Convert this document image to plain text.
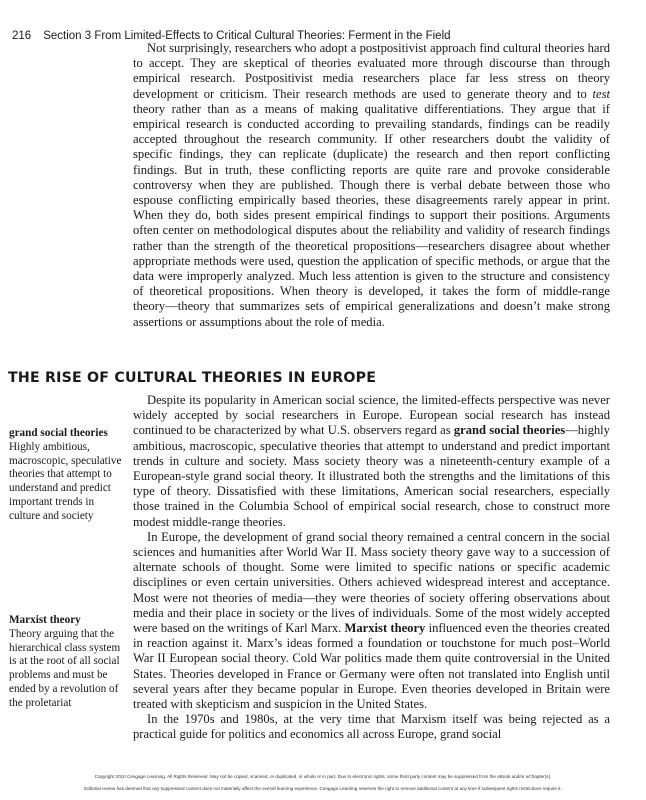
216 Section 3 From Limited-Effects to Critical Cultural Theories: Ferment in the Field

Not surprisingly, researchers who adopt a postpositivist approach find cultural theories hard to accept. They are skeptical of theories evaluated more through discourse than through empirical research. Postpositivist media researchers place far less stress on theory development or criticism. Their research methods are used to generate theory and to test theory rather than as a means of making qualitative differentiations. They argue that if empirical research is conducted according to prevailing standards, findings can be readily accepted throughout the research community. If other researchers doubt the validity of specific findings, they can replicate (duplicate) the research and then report conflicting findings. But in truth, these conflicting reports are quite rare and provoke considerable controversy when they are published. Though there is verbal debate between those who espouse conflicting empirically based theories, these disagreements rarely appear in print. When they do, both sides present empirical findings to support their positions. Arguments often center on methodological disputes about the reliability and validity of research findings rather than the strength of the theoretical propositions—researchers disagree about whether appropriate methods were used, question the application of specific methods, or argue that the data were improperly analyzed. Much less attention is given to the structure and consistency of theoretical propositions. When theory is developed, it takes the form of middle-range theory—theory that summarizes sets of empirical generalizations and doesn’t make strong assertions or assumptions about the role of media.

THE RISE OF CULTURAL THEORIES IN EUROPE

Despite its popularity in American social science, the limited-effects perspective was never widely accepted by social researchers in Europe. European social research has instead continued to be characterized by what U.S. observers regard as grand social theories—highly ambitious, macroscopic, speculative theories that attempt to understand and predict important trends in culture and society. Mass society theory was a nineteenth-century example of a European-style grand social theory. It illustrated both the strengths and the limitations of this type of theory. Dissatisfied with these limitations, American social researchers, especially those trained in the Columbia School of empirical social research, chose to construct more modest middle-range theories.

In Europe, the development of grand social theory remained a central concern in the social sciences and humanities after World War II. Mass society theory gave way to a succession of alternate schools of thought. Some were limited to specific nations or specific academic disciplines or even certain universities. Others achieved widespread interest and acceptance. Most were not theories of media—they were theories of society offering observations about media and their place in society or the lives of individuals. Some of the most widely accepted were based on the writings of Karl Marx. Marxist theory influenced even the theories created in reaction against it. Marx’s ideas formed a foundation or touchstone for much post–World War II European social theory. Cold War politics made them quite controversial in the United States. Theories developed in France or Germany were often not translated into English until several years after they became popular in Europe. Even theories developed in Britain were treated with skepticism and suspicion in the United States.

In the 1970s and 1980s, at the very time that Marxism itself was being rejected as a practical guide for politics and economics all across Europe, grand social

grand social theories
Highly ambitious, macroscopic, speculative theories that attempt to understand and predict important trends in culture and society
Marxist theory
Theory arguing that the hierarchical class system is at the root of all social problems and must be ended by a revolution of the proletariat
Copyright 2010 Cengage Learning. All Rights Reserved. May not be copied, scanned, or duplicated, in whole or in part. Due to electronic rights, some third party content may be suppressed from the eBook and/or eChapter(s).
Editorial review has deemed that any suppressed content does not materially affect the overall learning experience. Cengage Learning reserves the right to remove additional content at any time if subsequent rights restrictions require it.
